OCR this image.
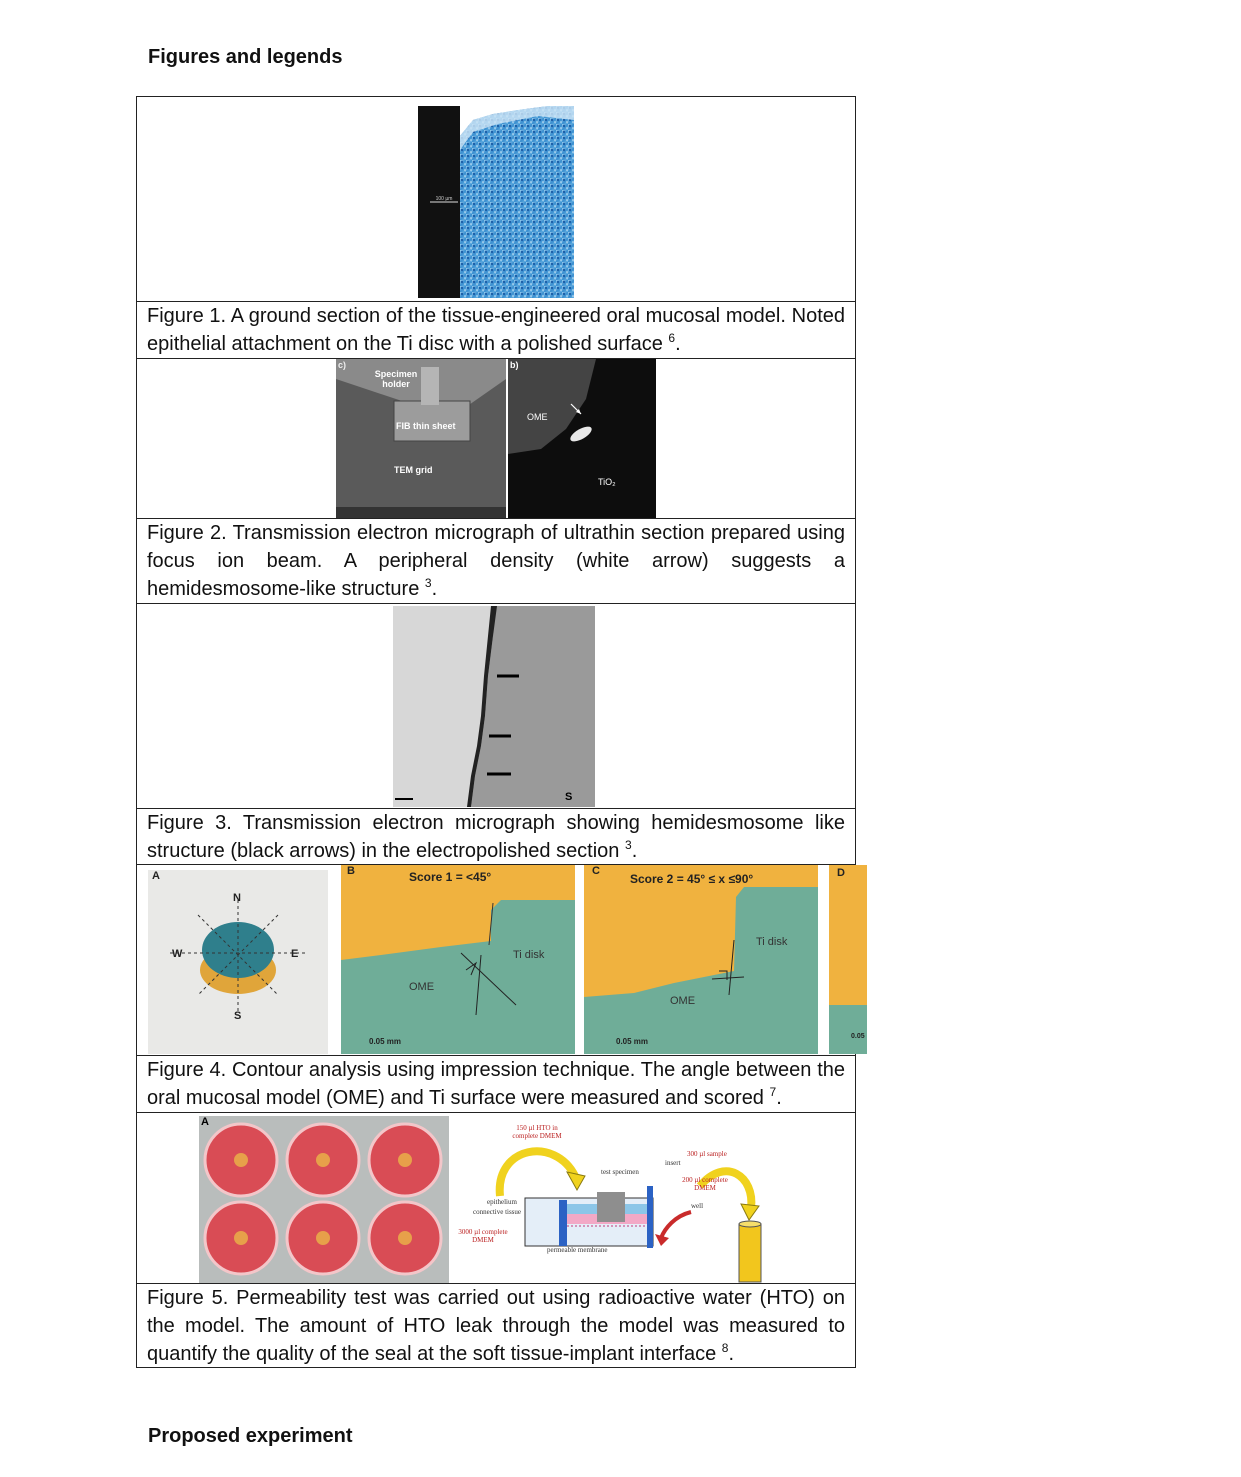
Figures and legends
100 µm
Figure 1. A ground section of the tissue-engineered oral mucosal model. Noted epithelial attachment on the Ti disc with a polished surface $^6$.
c)	b)
Specimen holder
FIB thin sheet
TEM grid
OME
TiO₂
Figure 2. Transmission electron micrograph of ultrathin section prepared using focus ion beam. A peripheral density (white arrow) suggests a hemidesmosome-like structure $^3$.
S
Figure 3. Transmission electron micrograph showing hemidesmosome like structure (black arrows) in the electropolished section $^3$.
A
N
S
W	E
B	Score 1 = <45°
Ti disk
OME
0.05 mm
C
Score 2 = 45° ≤ x ≤90°
Ti disk
OME
0.05 mm
D
0.05
Figure 4. Contour analysis using impression technique. The angle between the oral mucosal model (OME) and Ti surface were measured and scored $^7$.
A	150 µl HTO in complete DMEM
test specimen
insert
300 µl sample
200 µl complete DMEM
well
epithelium
connective tissue
3000 µl complete DMEM
permeable membrane
Figure 5. Permeability test was carried out using radioactive water (HTO) on the model. The amount of HTO leak through the model was measured to quantify the quality of the seal at the soft tissue-implant interface $^8$.
Proposed experiment
